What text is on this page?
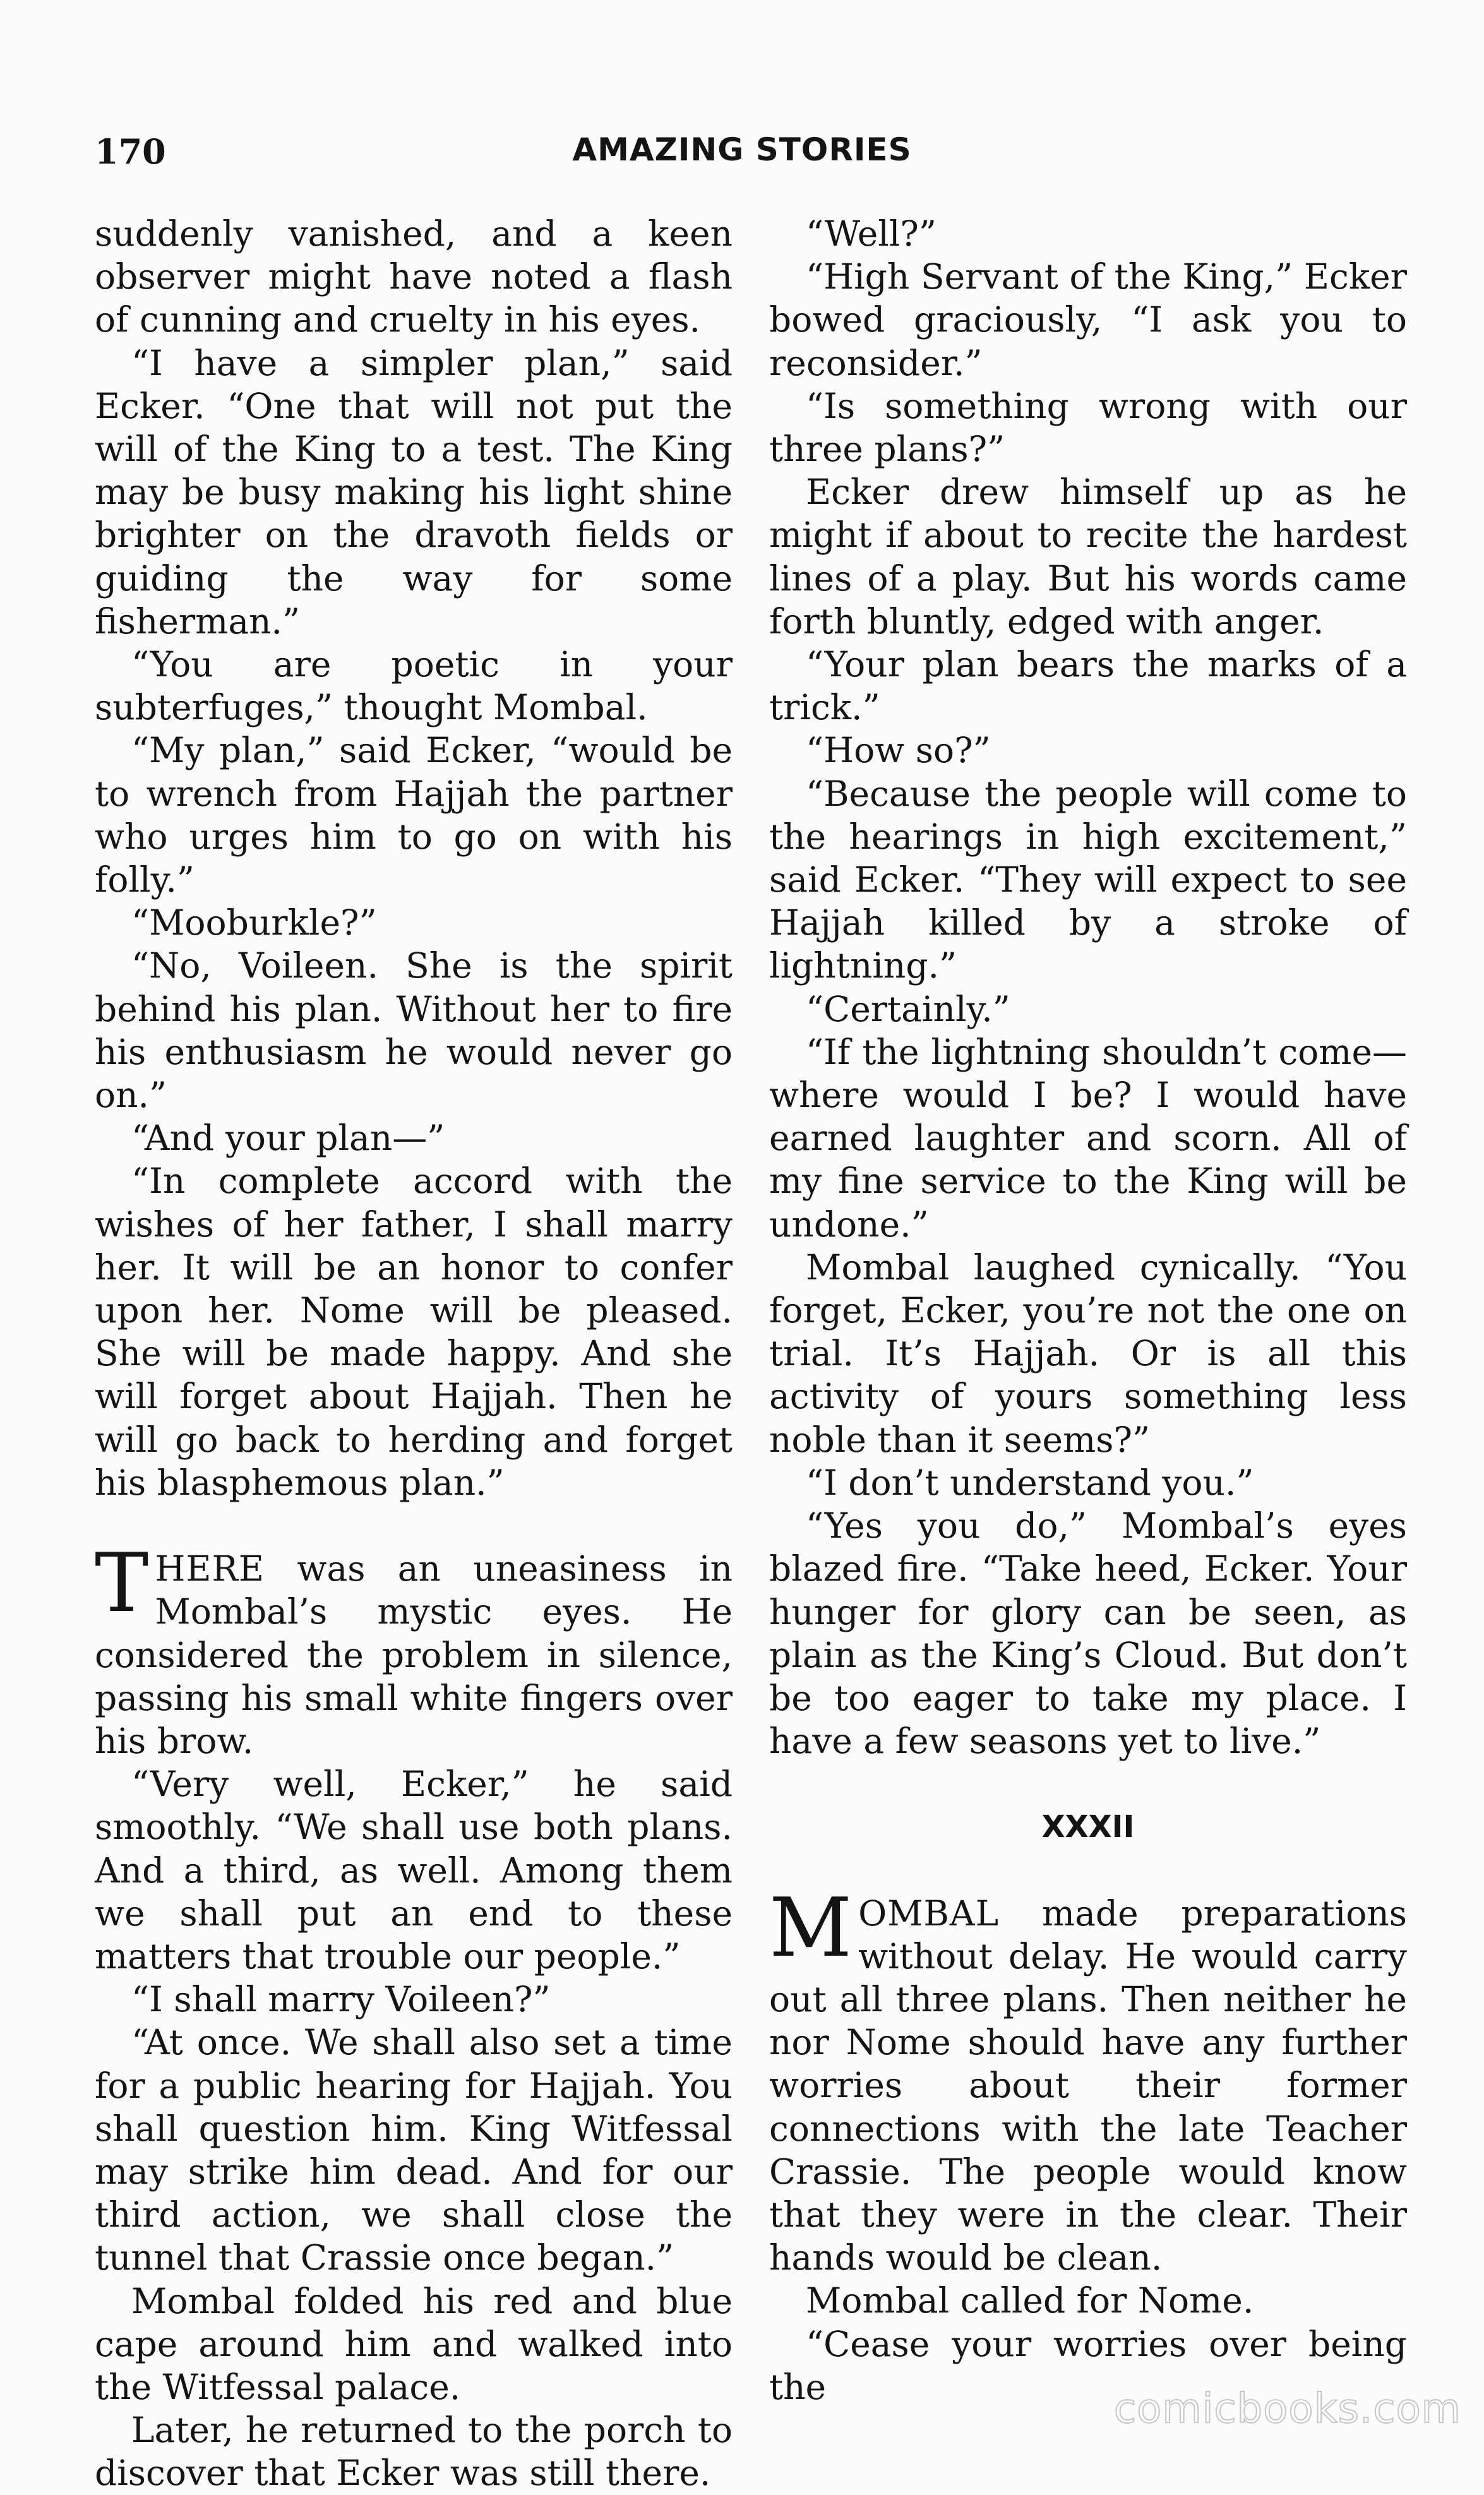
170	AMAZING STORIES

suddenly vanished, and a keen observer might have noted a flash of cunning and cruelty in his eyes.

“I have a simpler plan,” said Ecker. “One that will not put the will of the King to a test. The King may be busy making his light shine brighter on the dravoth fields or guiding the way for some fisherman.”

“You are poetic in your subterfuges,” thought Mombal.

“My plan,” said Ecker, “would be to wrench from Hajjah the partner who urges him to go on with his folly.”

“Mooburkle?”

“No, Voileen. She is the spirit behind his plan. Without her to fire his enthusiasm he would never go on.”

“And your plan—”

“In complete accord with the wishes of her father, I shall marry her. It will be an honor to confer upon her. Nome will be pleased. She will be made happy. And she will forget about Hajjah. Then he will go back to herding and forget his blasphemous plan.”

THERE was an uneasiness in Mombal’s mystic eyes. He considered the problem in silence, passing his small white fingers over his brow.

“Very well, Ecker,” he said smoothly. “We shall use both plans. And a third, as well. Among them we shall put an end to these matters that trouble our people.”

“I shall marry Voileen?”

“At once. We shall also set a time for a public hearing for Hajjah. You shall question him. King Witfessal may strike him dead. And for our third action, we shall close the tunnel that Crassie once began.”

Mombal folded his red and blue cape around him and walked into the Witfessal palace.

Later, he returned to the porch to discover that Ecker was still there.

“Well?”

“High Servant of the King,” Ecker bowed graciously, “I ask you to reconsider.”

“Is something wrong with our three plans?”

Ecker drew himself up as he might if about to recite the hardest lines of a play. But his words came forth bluntly, edged with anger.

“Your plan bears the marks of a trick.”

“How so?”

“Because the people will come to the hearings in high excitement,” said Ecker. “They will expect to see Hajjah killed by a stroke of lightning.”

“Certainly.”

“If the lightning shouldn’t come—where would I be? I would have earned laughter and scorn. All of my fine service to the King will be undone.”

Mombal laughed cynically. “You forget, Ecker, you’re not the one on trial. It’s Hajjah. Or is all this activity of yours something less noble than it seems?”

“I don’t understand you.”

“Yes you do,” Mombal’s eyes blazed fire. “Take heed, Ecker. Your hunger for glory can be seen, as plain as the King’s Cloud. But don’t be too eager to take my place. I have a few seasons yet to live.”

XXXII

MOMBAL made preparations without delay. He would carry out all three plans. Then neither he nor Nome should have any further worries about their former connections with the late Teacher Crassie. The people would know that they were in the clear. Their hands would be clean.

Mombal called for Nome.

“Cease your worries over being the	comicbooks.com
